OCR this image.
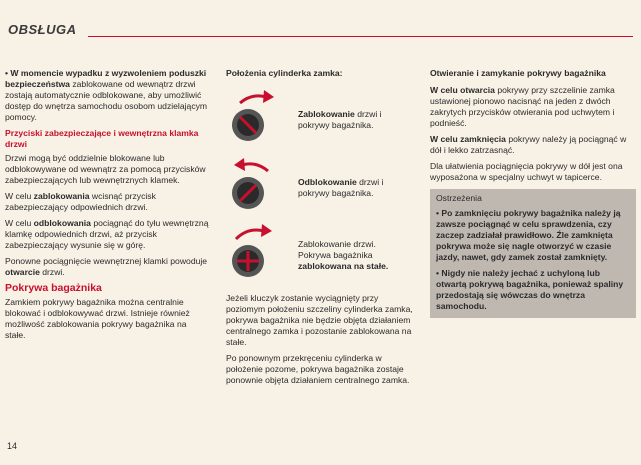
OBSŁUGA

• W momencie wypadku z wyzwoleniem poduszki bezpieczeństwa zablokowane od wewnątrz drzwi zostają automatycznie odblokowane, aby umożliwić dostęp do wnętrza samochodu osobom udzielającym pomocy.

Przyciski zabezpieczające i wewnętrzna klamka drzwi

Drzwi mogą być oddzielnie blokowane lub odblokowywane od wewnątrz za pomocą przycisków zabezpieczających lub wewnętrznych klamek.

W celu zablokowania wcisnąć przycisk zabezpieczający odpowiednich drzwi.

W celu odblokowania pociągnąć do tyłu wewnętrzną klamkę odpowiednich drzwi, aż przycisk zabezpieczający wysunie się w górę.

Ponowne pociągnięcie wewnętrznej klamki powoduje otwarcie drzwi.

Pokrywa bagażnika

Zamkiem pokrywy bagażnika można centralnie blokować i odblokowywać drzwi. Istnieje również możliwość zablokowania pokrywy bagażnika na stałe.

Położenia cylinderka zamka:
Zablokowanie drzwi i pokrywy bagażnika.
Odblokowanie drzwi i pokrywy bagażnika.
Zablokowanie drzwi. Pokrywa bagażnika zablokowana na stałe.

Jeżeli kluczyk zostanie wyciągnięty przy poziomym położeniu szczeliny cylinderka zamka, pokrywa bagażnika nie będzie objęta działaniem centralnego zamka i pozostanie zablokowana na stałe.

Po ponownym przekręceniu cylinderka w położenie pozome, pokrywa bagażnika zostaje ponownie objęta działaniem centralnego zamka.

Otwieranie i zamykanie pokrywy bagażnika

W celu otwarcia pokrywy przy szczelinie zamka ustawionej pionowo nacisnąć na jeden z dwóch zakrytych przycisków otwierania pod uchwytem i podnieść.

W celu zamknięcia pokrywy należy ją pociągnąć w dół i lekko zatrzasnąć.

Dla ułatwienia pociągnięcia pokrywy w dół jest ona wyposażona w specjalny uchwyt w tapicerce.

Ostrzeżenia

• Po zamknięciu pokrywy bagażnika należy ją zawsze pociągnąć w celu sprawdzenia, czy zaczep zadziałał prawidłowo. Źle zamknięta pokrywa może się nagle otworzyć w czasie jazdy, nawet, gdy zamek został zamknięty.

• Nigdy nie należy jechać z uchyloną lub otwartą pokrywą bagażnika, ponieważ spaliny przedostają się wówczas do wnętrza samochodu.

14
